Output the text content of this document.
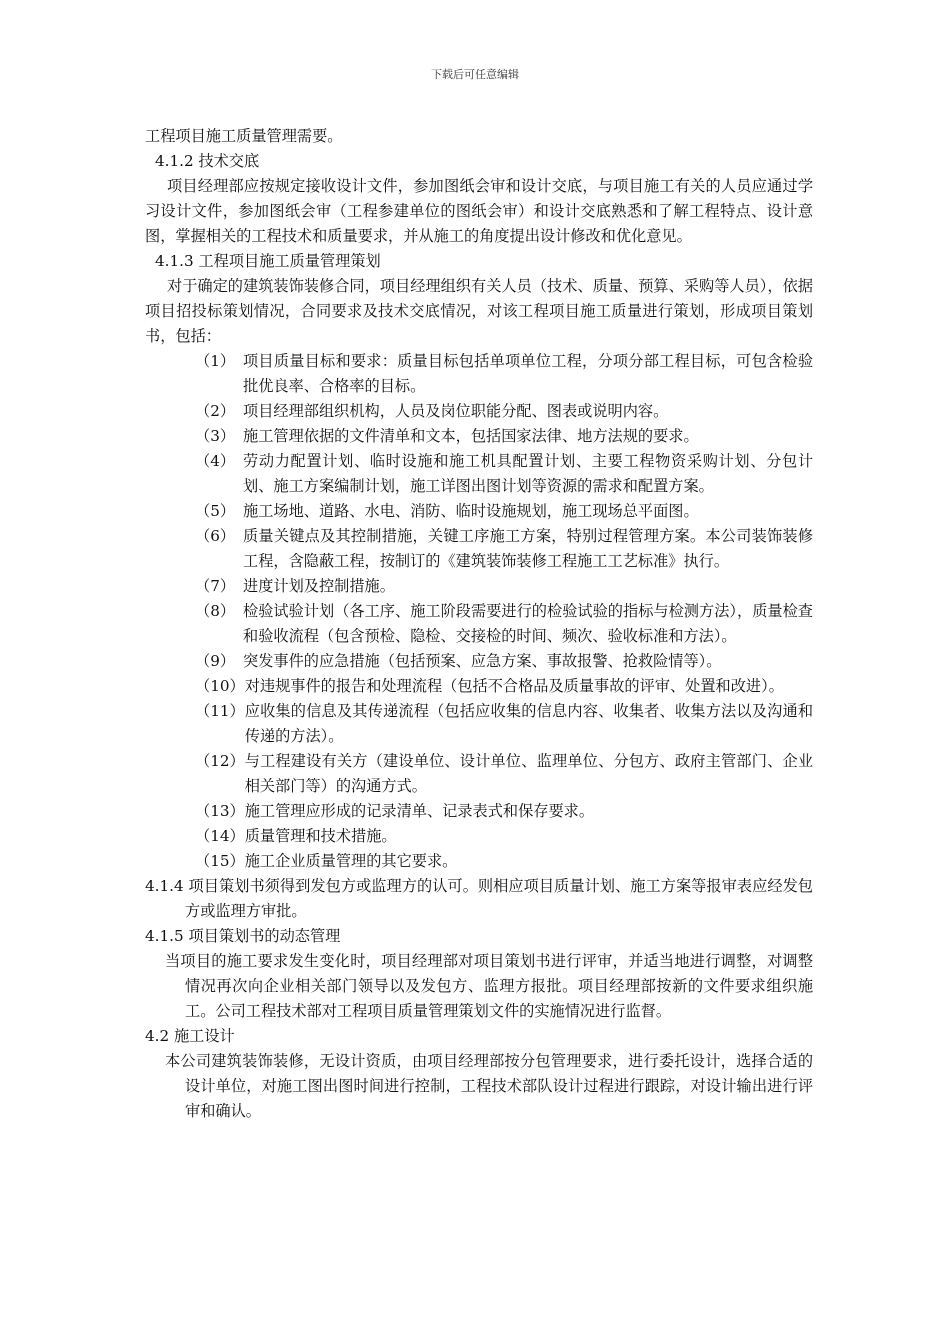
下载后可任意编辑

工程项目施工质量管理需要。

4.1.2 技术交底

项目经理部应按规定接收设计文件，参加图纸会审和设计交底，与项目施工有关的人员应通过学习设计文件，参加图纸会审（工程参建单位的图纸会审）和设计交底熟悉和了解工程特点、设计意图，掌握相关的工程技术和质量要求，并从施工的角度提出设计修改和优化意见。

4.1.3 工程项目施工质量管理策划

对于确定的建筑装饰装修合同，项目经理组织有关人员（技术、质量、预算、采购等人员），依据项目招投标策划情况，合同要求及技术交底情况，对该工程项目施工质量进行策划，形成项目策划书，包括：

（1） 项目质量目标和要求：质量目标包括单项单位工程，分项分部工程目标，可包含检验批优良率、合格率的目标。
（2） 项目经理部组织机构，人员及岗位职能分配、图表或说明内容。
（3） 施工管理依据的文件清单和文本，包括国家法律、地方法规的要求。
（4） 劳动力配置计划、临时设施和施工机具配置计划、主要工程物资采购计划、分包计划、施工方案编制计划，施工详图出图计划等资源的需求和配置方案。
（5） 施工场地、道路、水电、消防、临时设施规划，施工现场总平面图。
（6） 质量关键点及其控制措施，关键工序施工方案，特别过程管理方案。本公司装饰装修工程，含隐蔽工程，按制订的《建筑装饰装修工程施工工艺标准》执行。
（7） 进度计划及控制措施。
（8） 检验试验计划（各工序、施工阶段需要进行的检验试验的指标与检测方法），质量检查和验收流程（包含预检、隐检、交接检的时间、频次、验收标准和方法）。
（9） 突发事件的应急措施（包括预案、应急方案、事故报警、抢救险情等）。
（10） 对违规事件的报告和处理流程（包括不合格品及质量事故的评审、处置和改进）。
（11） 应收集的信息及其传递流程（包括应收集的信息内容、收集者、收集方法以及沟通和传递的方法）。
（12） 与工程建设有关方（建设单位、设计单位、监理单位、分包方、政府主管部门、企业相关部门等）的沟通方式。
（13） 施工管理应形成的记录清单、记录表式和保存要求。
（14） 质量管理和技术措施。
（15） 施工企业质量管理的其它要求。

4.1.4 项目策划书须得到发包方或监理方的认可。则相应项目质量计划、施工方案等报审表应经发包方或监理方审批。

4.1.5 项目策划书的动态管理

当项目的施工要求发生变化时，项目经理部对项目策划书进行评审，并适当地进行调整，对调整情况再次向企业相关部门领导以及发包方、监理方报批。项目经理部按新的文件要求组织施工。公司工程技术部对工程项目质量管理策划文件的实施情况进行监督。

4.2 施工设计

本公司建筑装饰装修，无设计资质，由项目经理部按分包管理要求，进行委托设计，选择合适的设计单位，对施工图出图时间进行控制，工程技术部队设计过程进行跟踪，对设计输出进行评审和确认。
